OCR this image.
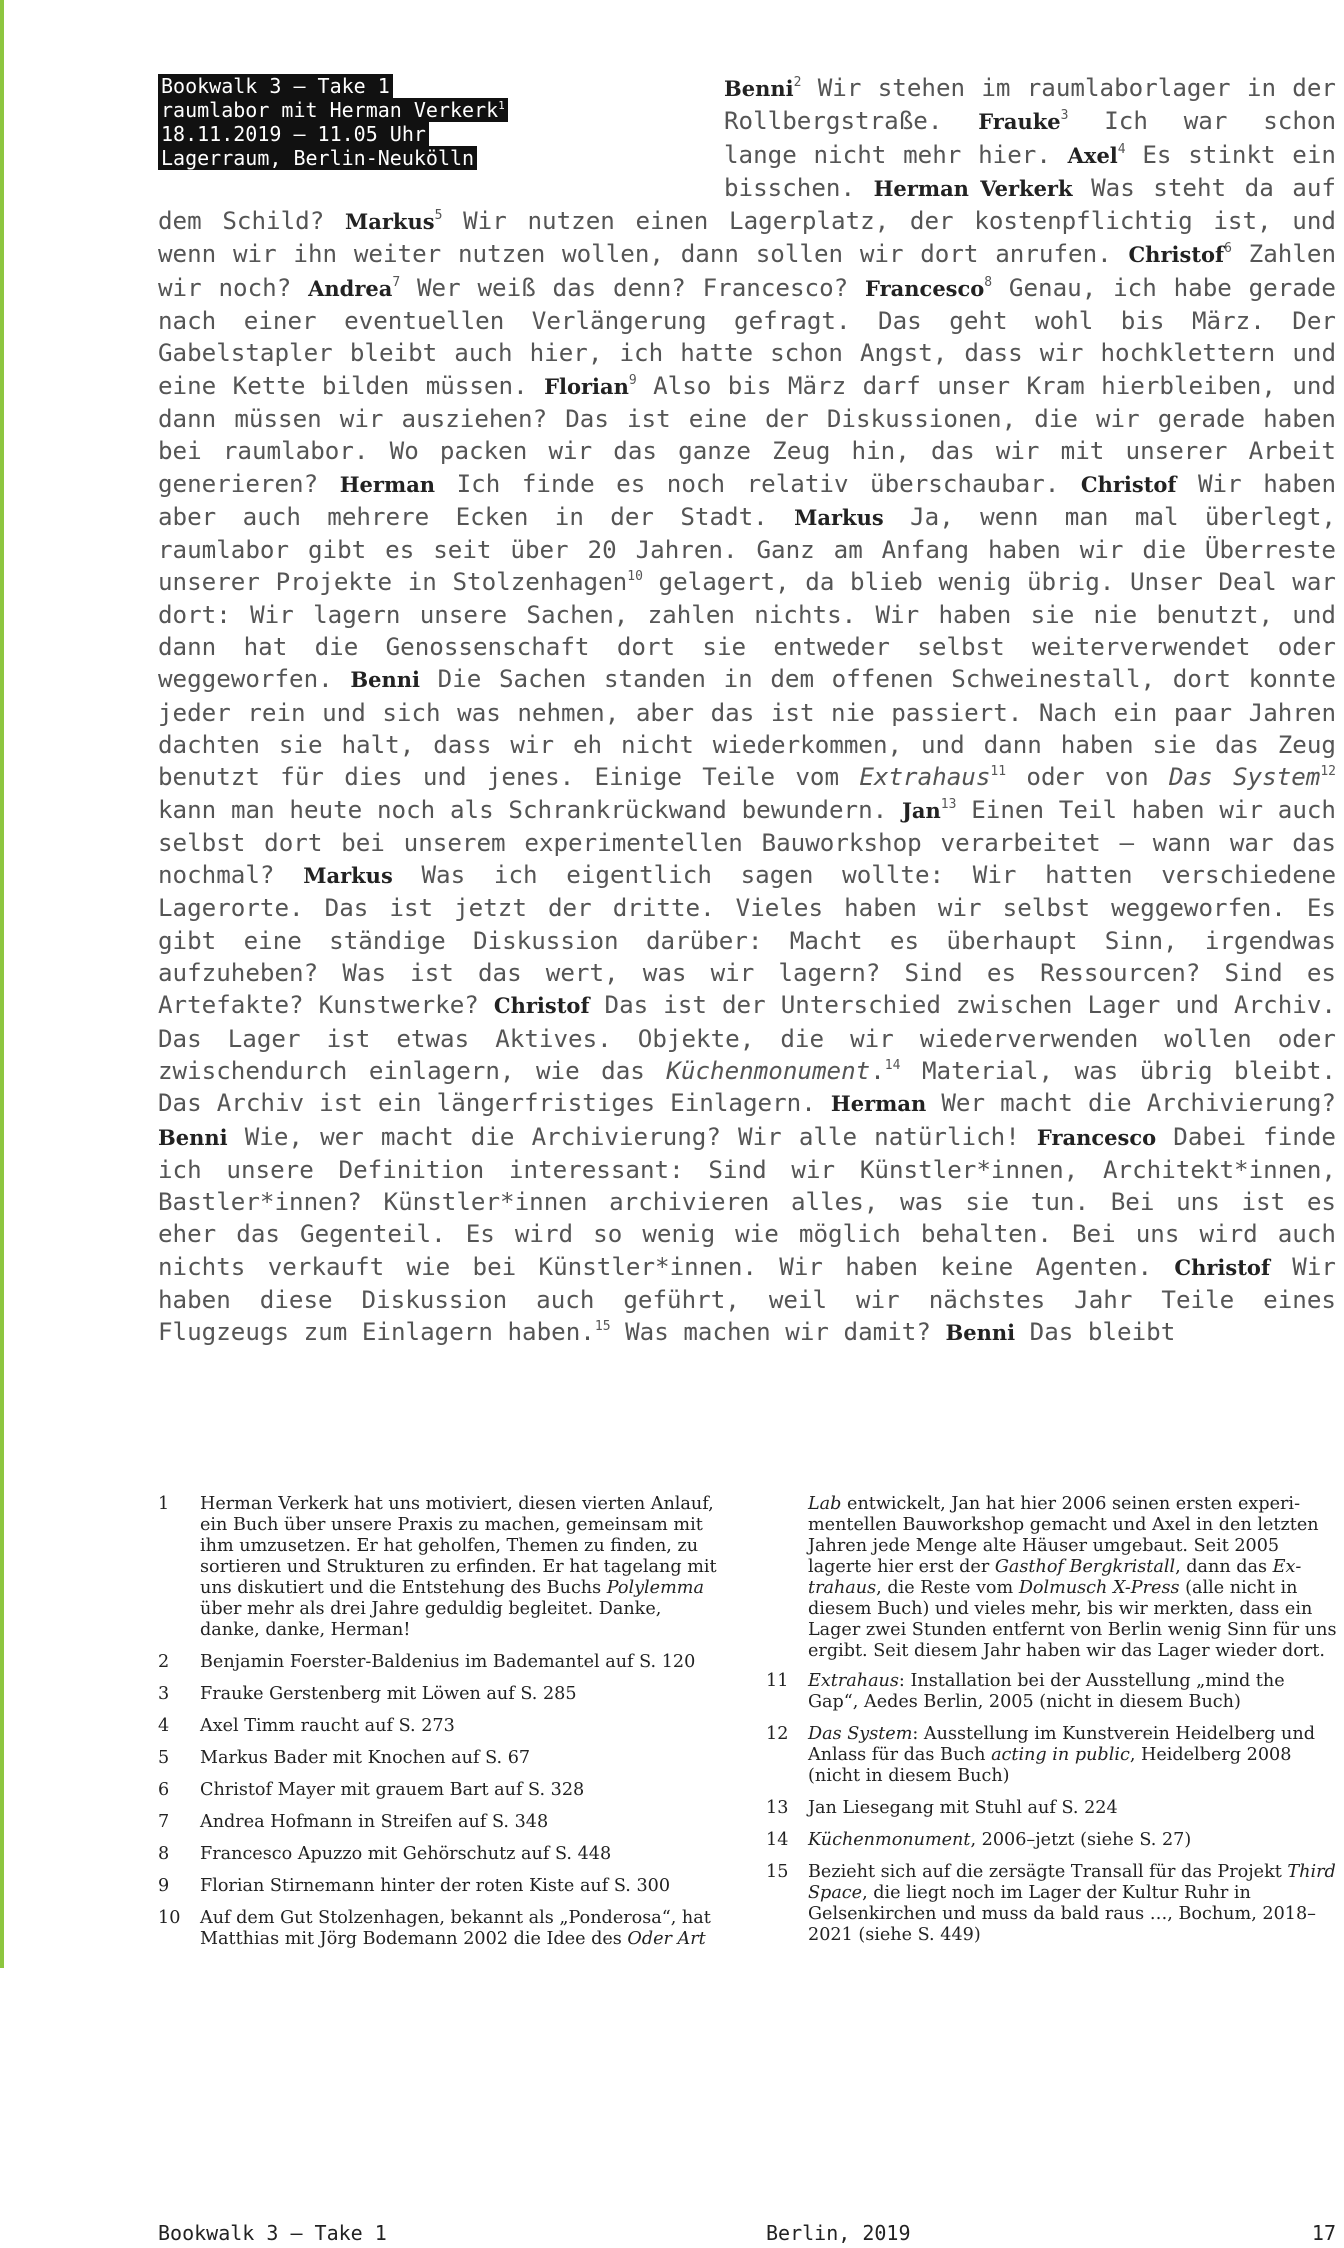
Bookwalk 3 – Take 1
raumlabor mit Herman Verkerk$^1$
18.11.2019 – 11.05 Uhr
Lagerraum, Berlin-Neukölln
Benni$^2$ Wir stehen im raumlaborlager in der Rollbergstraße. Frauke$^3$ Ich war schon lange nicht mehr hier. Axel$^4$ Es stinkt ein bisschen. Herman Verkerk Was steht da auf dem Schild? Markus$^5$ Wir nutzen einen Lagerplatz, der kostenpflichtig ist, und wenn wir ihn weiter nutzen wollen, dann sollen wir dort anrufen. Christof$^6$ Zahlen wir noch? Andrea$^7$ Wer weiß das denn? Francesco? Francesco$^8$ Genau, ich habe gerade nach einer eventuellen Verlängerung gefragt. Das geht wohl bis März. Der Gabelstapler bleibt auch hier, ich hatte schon Angst, dass wir hochklettern und eine Kette bilden müssen. Florian$^9$ Also bis März darf unser Kram hierbleiben, und dann müssen wir ausziehen? Das ist eine der Diskussionen, die wir gerade haben bei raumlabor. Wo packen wir das ganze Zeug hin, das wir mit unserer Arbeit generieren? Herman Ich finde es noch relativ überschaubar. Christof Wir haben aber auch mehrere Ecken in der Stadt. Markus Ja, wenn man mal überlegt, raumlabor gibt es seit über 20 Jahren. Ganz am Anfang haben wir die Überreste unserer Projekte in Stolzenhagen$^{10}$ gelagert, da blieb wenig übrig. Unser Deal war dort: Wir lagern unsere Sachen, zahlen nichts. Wir haben sie nie benutzt, und dann hat die Genossenschaft dort sie entweder selbst weiterverwendet oder weggeworfen. Benni Die Sachen standen in dem offenen Schweinestall, dort konnte jeder rein und sich was nehmen, aber das ist nie passiert. Nach ein paar Jahren dachten sie halt, dass wir eh nicht wiederkommen, und dann haben sie das Zeug benutzt für dies und jenes. Einige Teile vom Extrahaus$^{11}$ oder von Das System$^{12}$ kann man heute noch als Schrankrückwand bewundern. Jan$^{13}$ Einen Teil haben wir auch selbst dort bei unserem experimentellen Bauworkshop verarbeitet – wann war das nochmal? Markus Was ich eigentlich sagen wollte: Wir hatten verschiedene Lagerorte. Das ist jetzt der dritte. Vieles haben wir selbst weggeworfen. Es gibt eine ständige Diskussion darüber: Macht es überhaupt Sinn, irgendwas aufzuheben? Was ist das wert, was wir lagern? Sind es Ressourcen? Sind es Artefakte? Kunstwerke? Christof Das ist der Unterschied zwischen Lager und Archiv. Das Lager ist etwas Aktives. Objekte, die wir wiederverwenden wollen oder zwischendurch einlagern, wie das Küchenmonument.$^{14}$ Material, was übrig bleibt. Das Archiv ist ein längerfristiges Einlagern. Herman Wer macht die Archivierung? Benni Wie, wer macht die Archivierung? Wir alle natürlich! Francesco Dabei finde ich unsere Definition interessant: Sind wir Künstler*innen, Architekt*innen, Bastler*innen? Künstler*innen archivieren alles, was sie tun. Bei uns ist es eher das Gegenteil. Es wird so wenig wie möglich behalten. Bei uns wird auch nichts verkauft wie bei Künstler*innen. Wir haben keine Agenten. Christof Wir haben diese Diskussion auch geführt, weil wir nächstes Jahr Teile eines Flugzeugs zum Einlagern haben.$^{15}$ Was machen wir damit? Benni Das bleibt
1	Herman Verkerk hat uns motiviert, diesen vierten Anlauf, ein Buch über unsere Praxis zu machen, gemeinsam mit ihm umzusetzen. Er hat geholfen, Themen zu finden, zu sortieren und Strukturen zu erfinden. Er hat tagelang mit uns diskutiert und die Entstehung des Buchs Polylemma über mehr als drei Jahre geduldig begleitet. Danke, danke, danke, Herman!
2	Benjamin Foerster-Baldenius im Bademantel auf S. 120
3	Frauke Gerstenberg mit Löwen auf S. 285
4	Axel Timm raucht auf S. 273
5	Markus Bader mit Knochen auf S. 67
6	Christof Mayer mit grauem Bart auf S. 328
7	Andrea Hofmann in Streifen auf S. 348
8	Francesco Apuzzo mit Gehörschutz auf S. 448
9	Florian Stirnemann hinter der roten Kiste auf S. 300
10	Auf dem Gut Stolzenhagen, bekannt als „Ponderosa“, hat Matthias mit Jörg Bodemann 2002 die Idee des Oder Art
Lab entwickelt, Jan hat hier 2006 seinen ersten experimentellen Bauworkshop gemacht und Axel in den letzten Jahren jede Menge alte Häuser umgebaut. Seit 2005 lagerte hier erst der Gasthof Bergkristall, dann das Extrahaus, die Reste vom Dolmusch X-Press (alle nicht in diesem Buch) und vieles mehr, bis wir merkten, dass ein Lager zwei Stunden entfernt von Berlin wenig Sinn für uns ergibt. Seit diesem Jahr haben wir das Lager wieder dort.
11	Extrahaus: Installation bei der Ausstellung „mind the Gap“, Aedes Berlin, 2005 (nicht in diesem Buch)
12	Das System: Ausstellung im Kunstverein Heidelberg und Anlass für das Buch acting in public, Heidelberg 2008 (nicht in diesem Buch)
13	Jan Liesegang mit Stuhl auf S. 224
14	Küchenmonument, 2006–jetzt (siehe S. 27)
15	Bezieht sich auf die zersägte Transall für das Projekt Third Space, die liegt noch im Lager der Kultur Ruhr in Gelsenkirchen und muss da bald raus …, Bochum, 2018–2021 (siehe S. 449)
Bookwalk 3 – Take 1	Berlin, 2019	17
